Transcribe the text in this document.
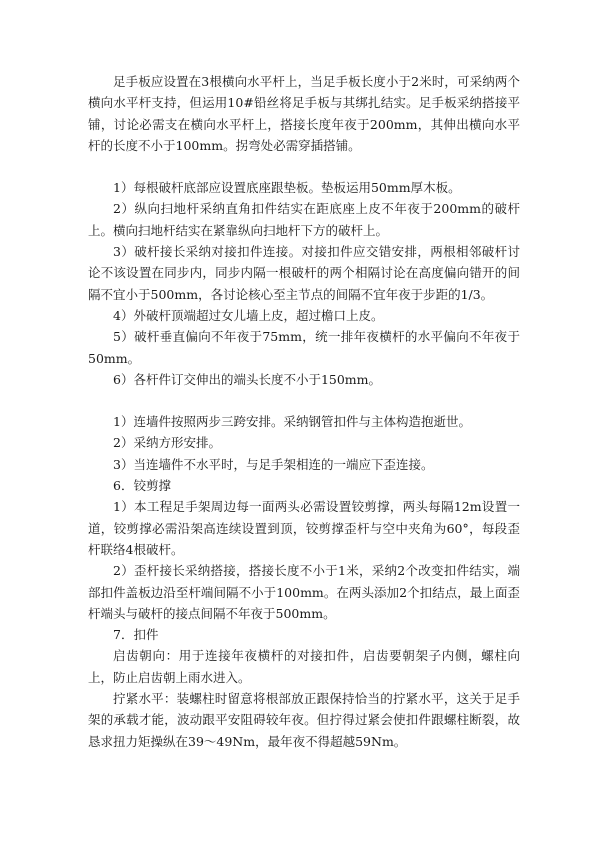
足手板应设置在3根横向水平杆上，当足手板长度小于2米时，可采纳两个横向水平杆支持，但运用10#铅丝将足手板与其绑扎结实。足手板采纳搭接平铺，讨论必需支在横向水平杆上，搭接长度年夜于200mm，其伸出横向水平杆的长度不小于100mm。拐弯处必需穿插搭铺。

1）每根破杆底部应设置底座跟垫板。垫板运用50mm厚木板。

2）纵向扫地杆采纳直角扣件结实在距底座上皮不年夜于200mm的破杆上。横向扫地杆结实在紧靠纵向扫地杆下方的破杆上。

3）破杆接长采纳对接扣件连接。对接扣件应交错安排，两根相邻破杆讨论不该设置在同步内，同步内隔一根破杆的两个相隔讨论在高度偏向错开的间隔不宜小于500mm，各讨论核心至主节点的间隔不宜年夜于步距的1/3。

4）外破杆顶端超过女儿墙上皮，超过檐口上皮。

5）破杆垂直偏向不年夜于75mm，统一排年夜横杆的水平偏向不年夜于50mm。

6）各杆件订交伸出的端头长度不小于150mm。

1）连墙件按照两步三跨安排。采纳钢管扣件与主体构造抱逝世。

2）采纳方形安排。

3）当连墙件不水平时，与足手架相连的一端应下歪连接。

6．铰剪撑

1）本工程足手架周边每一面两头必需设置铰剪撑，两头每隔12m设置一道，铰剪撑必需沿架高连续设置到顶，铰剪撑歪杆与空中夹角为60°，每段歪杆联络4根破杆。

2）歪杆接长采纳搭接，搭接长度不小于1米，采纳2个改变扣件结实，端部扣件盖板边沿至杆端间隔不小于100mm。在两头添加2个扣结点，最上面歪杆端头与破杆的接点间隔不年夜于500mm。

7．扣件

启齿朝向：用于连接年夜横杆的对接扣件，启齿要朝架子内侧，螺柱向上，防止启齿朝上雨水进入。

拧紧水平：装螺柱时留意将根部放正跟保持恰当的拧紧水平，这关于足手架的承载才能，波动跟平安阻碍较年夜。但拧得过紧会使扣件跟螺柱断裂，故恳求扭力矩操纵在39～49Nm，最年夜不得超越59Nm。
